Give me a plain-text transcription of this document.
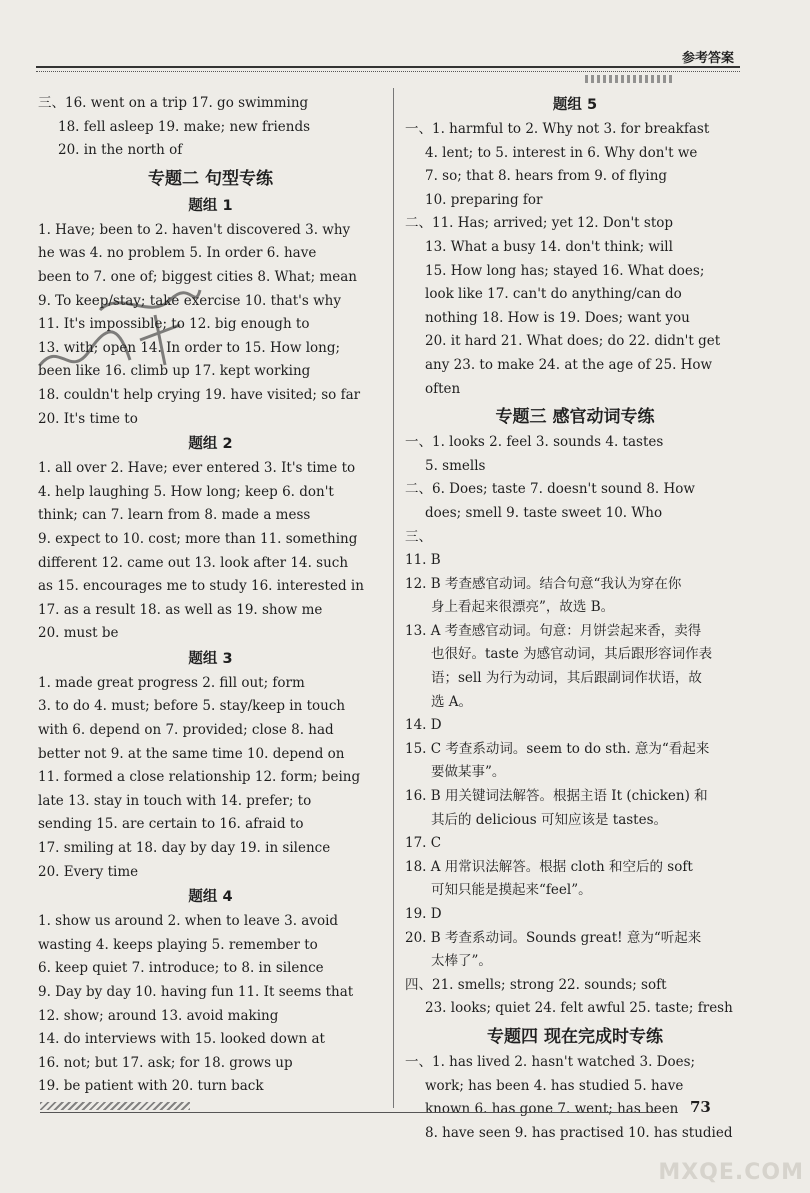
参考答案
三、16. went on a trip 17. go swimming
18. fell asleep 19. make; new friends
20. in the north of
专题二 句型专练
题组 1
1. Have; been to 2. haven't discovered 3. why
he was 4. no problem 5. In order 6. have
been to 7. one of; biggest cities 8. What; mean
9. To keep/stay; take exercise 10. that's why
11. It's impossible; to 12. big enough to
13. with; open 14. In order to 15. How long;
been like 16. climb up 17. kept working
18. couldn't help crying 19. have visited; so far
20. It's time to
题组 2
1. all over 2. Have; ever entered 3. It's time to
4. help laughing 5. How long; keep 6. don't
think; can 7. learn from 8. made a mess
9. expect to 10. cost; more than 11. something
different 12. came out 13. look after 14. such
as 15. encourages me to study 16. interested in
17. as a result 18. as well as 19. show me
20. must be
题组 3
1. made great progress 2. fill out; form
3. to do 4. must; before 5. stay/keep in touch
with 6. depend on 7. provided; close 8. had
better not 9. at the same time 10. depend on
11. formed a close relationship 12. form; being
late 13. stay in touch with 14. prefer; to
sending 15. are certain to 16. afraid to
17. smiling at 18. day by day 19. in silence
20. Every time
题组 4
1. show us around 2. when to leave 3. avoid
wasting 4. keeps playing 5. remember to
6. keep quiet 7. introduce; to 8. in silence
9. Day by day 10. having fun 11. It seems that
12. show; around 13. avoid making
14. do interviews with 15. looked down at
16. not; but 17. ask; for 18. grows up
19. be patient with 20. turn back
题组 5
一、1. harmful to 2. Why not 3. for breakfast
4. lent; to 5. interest in 6. Why don't we
7. so; that 8. hears from 9. of flying
10. preparing for
二、11. Has; arrived; yet 12. Don't stop
13. What a busy 14. don't think; will
15. How long has; stayed 16. What does;
look like 17. can't do anything/can do
nothing 18. How is 19. Does; want you
20. it hard 21. What does; do 22. didn't get
any 23. to make 24. at the age of 25. How
often
专题三 感官动词专练
一、1. looks 2. feel 3. sounds 4. tastes
5. smells
二、6. Does; taste 7. doesn't sound 8. How
does; smell 9. taste sweet 10. Who
三、
11. B
12. B 考查感官动词。结合句意“我认为穿在你
身上看起来很漂亮”，故选 B。
13. A 考查感官动词。句意：月饼尝起来香，卖得
也很好。taste 为感官动词，其后跟形容词作表
语；sell 为行为动词，其后跟副词作状语，故
选 A。
14. D
15. C 考查系动词。seem to do sth. 意为“看起来
要做某事”。
16. B 用关键词法解答。根据主语 It (chicken) 和
其后的 delicious 可知应该是 tastes。
17. C
18. A 用常识法解答。根据 cloth 和空后的 soft
可知只能是摸起来“feel”。
19. D
20. B 考查系动词。Sounds great! 意为“听起来
太棒了”。
四、21. smells; strong 22. sounds; soft
23. looks; quiet 24. felt awful 25. taste; fresh
专题四 现在完成时专练
一、1. has lived 2. hasn't watched 3. Does;
work; has been 4. has studied 5. have
known 6. has gone 7. went; has been
8. have seen 9. has practised 10. has studied
73
MXQE.COM
